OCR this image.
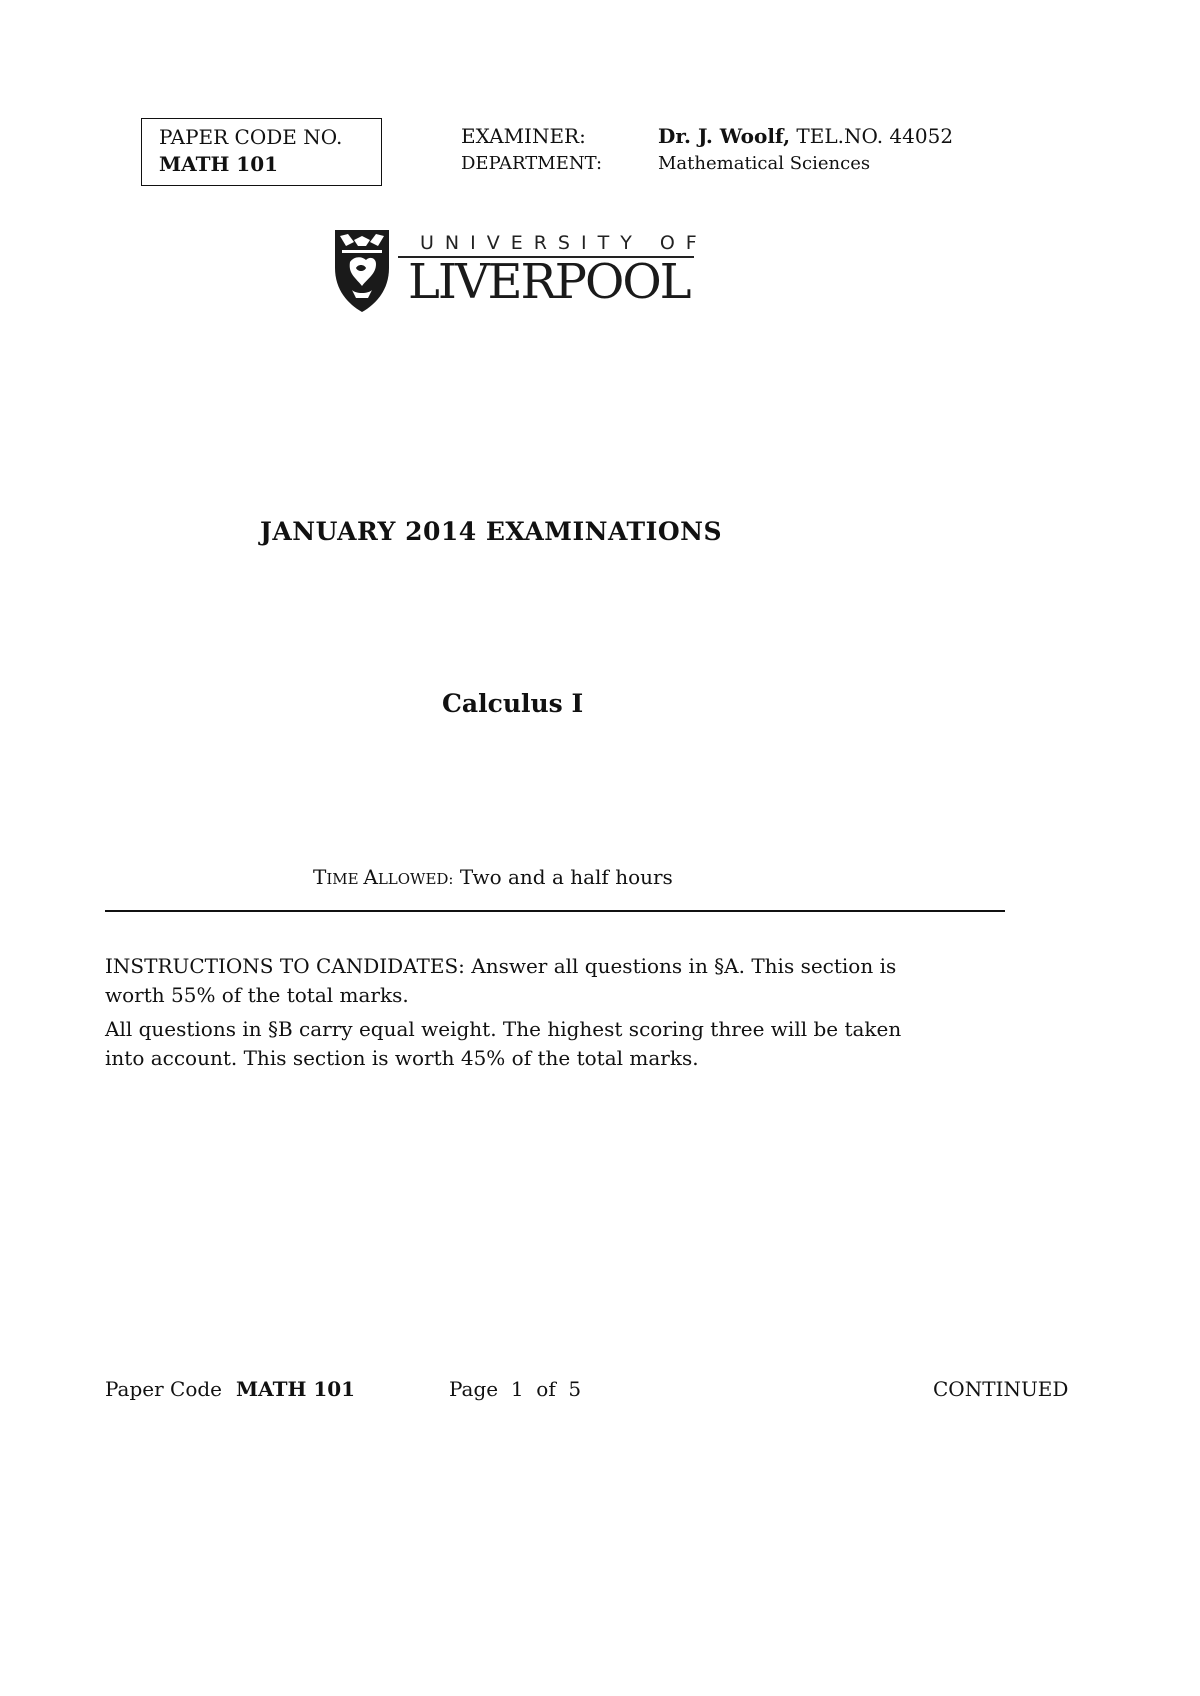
PAPER CODE NO.
MATH 101
EXAMINER:
DEPARTMENT:
Dr. J. Woolf, TEL.NO. 44052
Mathematical Sciences
UNIVERSITY OF
LIVERPOOL
JANUARY 2014 EXAMINATIONS
Calculus I
TIME ALLOWED: Two and a half hours
INSTRUCTIONS TO CANDIDATES: Answer all questions in §A. This section is worth 55% of the total marks.
All questions in §B carry equal weight. The highest scoring three will be taken into account. This section is worth 45% of the total marks.
Paper Code MATH 101	Page  1  of  5	CONTINUED
